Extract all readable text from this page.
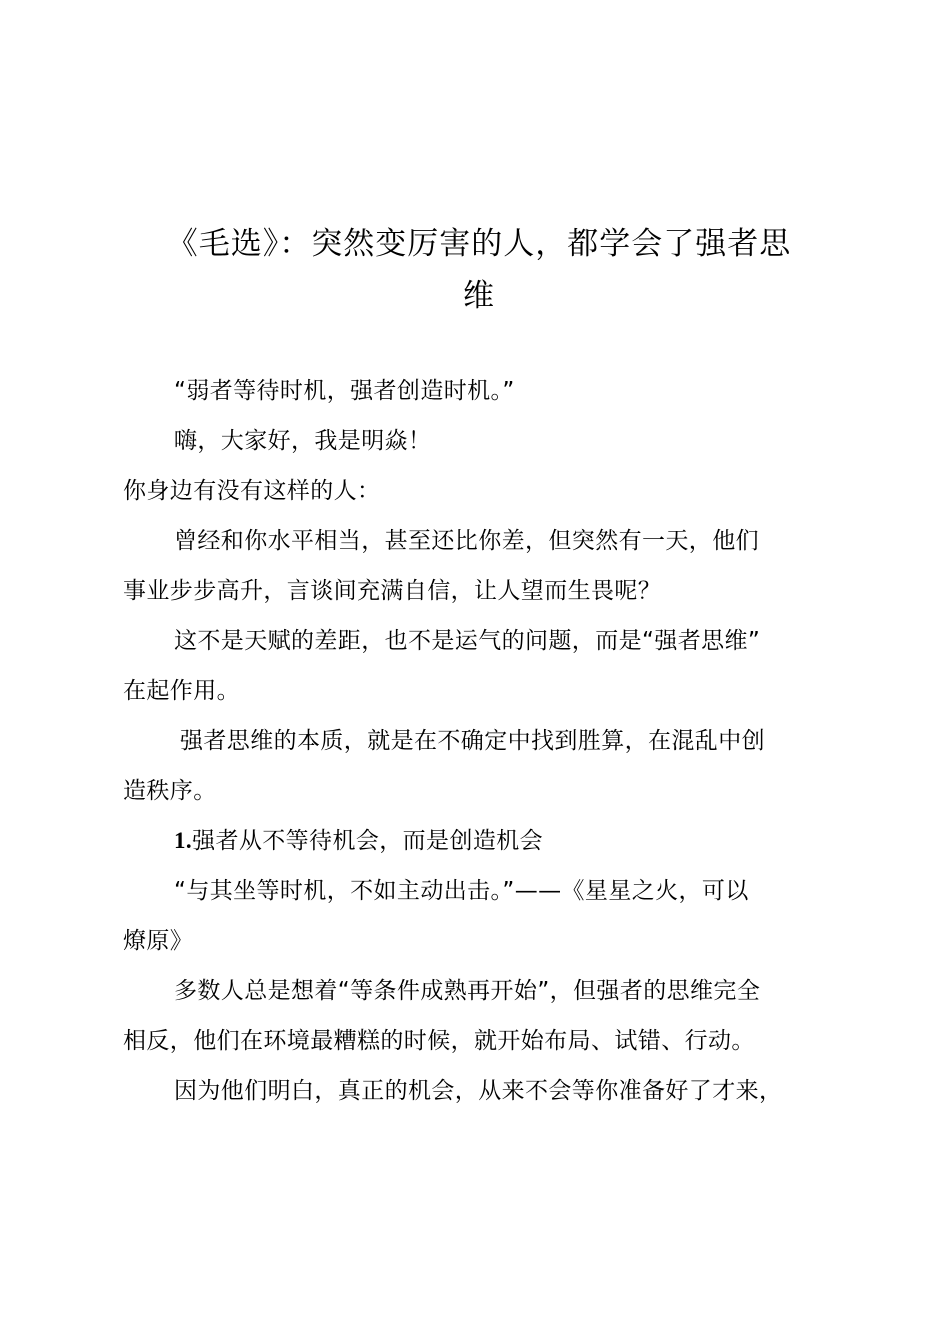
《毛选》：突然变厉害的人，都学会了强者思
维

“弱者等待时机，强者创造时机。”

嗨，大家好，我是明焱！

你身边有没有这样的人：

曾经和你水平相当，甚至还比你差，但突然有一天，他们

事业步步高升，言谈间充满自信，让人望而生畏呢？

这不是天赋的差距，也不是运气的问题，而是“强者思维”

在起作用。

强者思维的本质，就是在不确定中找到胜算，在混乱中创

造秩序。

1.强者从不等待机会，而是创造机会

“与其坐等时机，不如主动出击。”——《星星之火，可以

燎原》

多数人总是想着“等条件成熟再开始”，但强者的思维完全

相反，他们在环境最糟糕的时候，就开始布局、试错、行动。

因为他们明白，真正的机会，从来不会等你准备好了才来，
